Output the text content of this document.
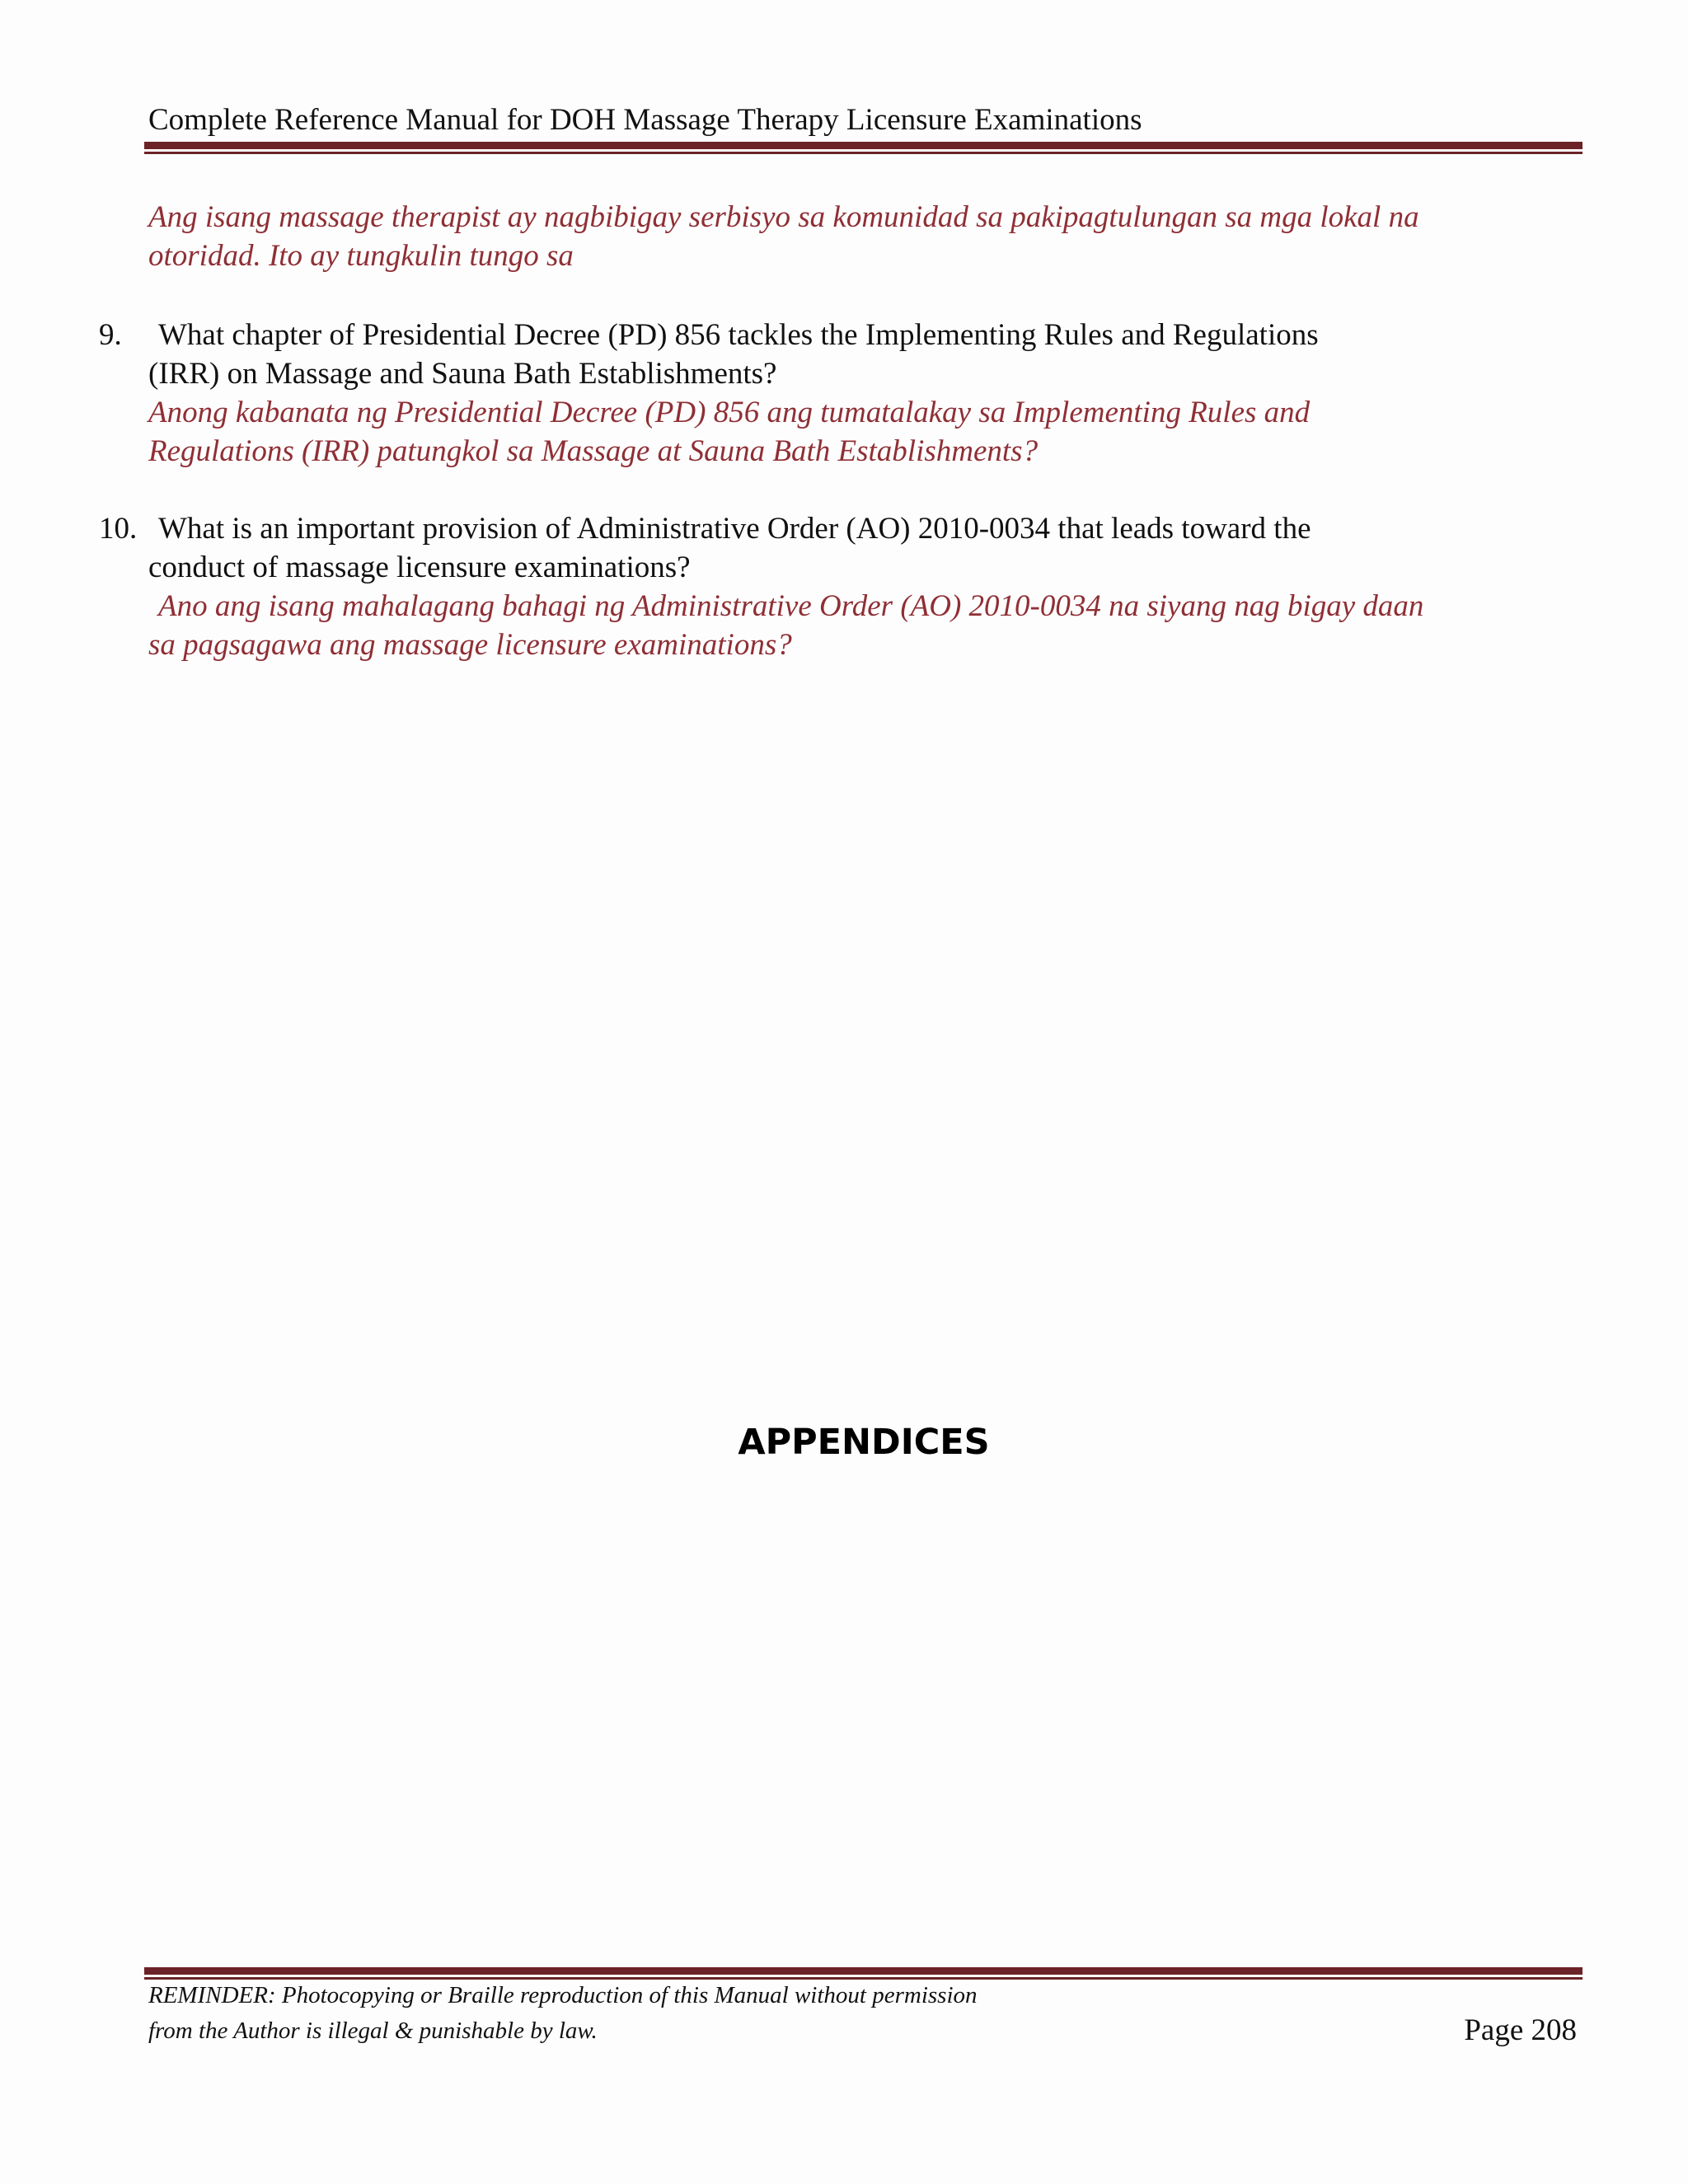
Complete Reference Manual for DOH Massage Therapy Licensure Examinations
Ang isang massage therapist ay nagbibigay serbisyo sa komunidad sa pakipagtulungan sa mga lokal na
otoridad. Ito ay tungkulin tungo sa
9.	What chapter of Presidential Decree (PD) 856 tackles the Implementing Rules and Regulations
(IRR) on Massage and Sauna Bath Establishments?
Anong kabanata ng Presidential Decree (PD) 856 ang tumatalakay sa Implementing Rules and
Regulations (IRR) patungkol sa Massage at Sauna Bath Establishments?
10. What is an important provision of Administrative Order (AO) 2010-0034 that leads toward the
conduct of massage licensure examinations?
Ano ang isang mahalagang bahagi ng Administrative Order (AO) 2010-0034 na siyang nag bigay daan
sa pagsagawa ang massage licensure examinations?
APPENDICES
REMINDER: Photocopying or Braille reproduction of this Manual without permission
from the Author is illegal & punishable by law.	Page 208
